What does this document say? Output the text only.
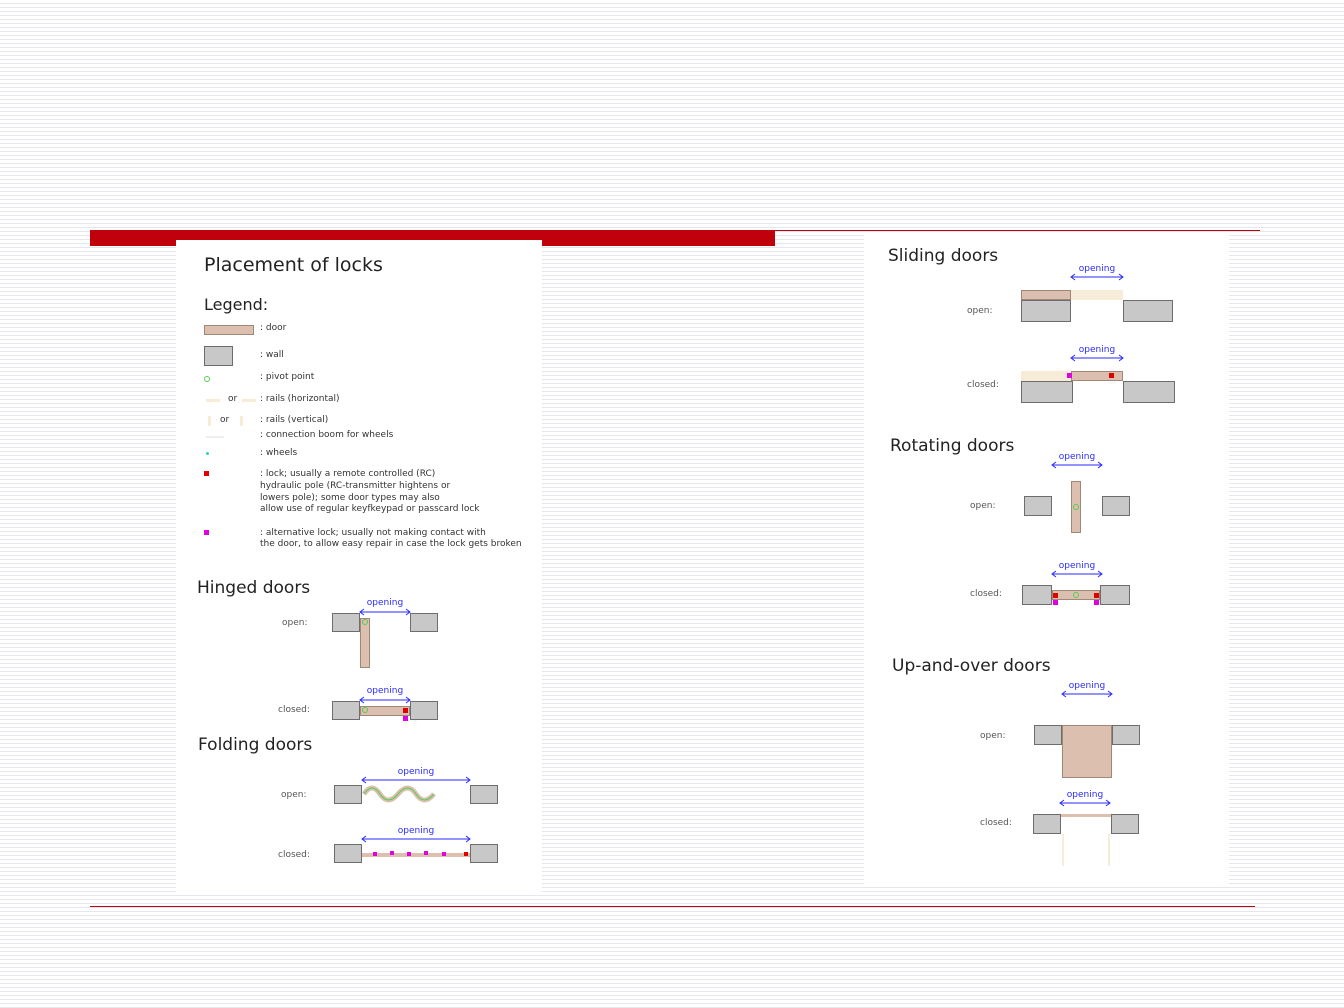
Placement of locks
Legend:
: door
: wall
: pivot point
or	: rails (horizontal)
or	: rails (vertical)
: connection boom for wheels
: wheels
: lock; usually a remote controlled (RC)
hydraulic pole (RC-transmitter hightens or
lowers pole); some door types may also
allow use of regular keyfkeypad or passcard lock
: alternative lock; usually not making contact with
the door, to allow easy repair in case the lock gets broken
Hinged doors
opening
open:
opening
closed:
Folding doors
opening
open:
opening
closed:
Sliding doors
opening
open:
opening
closed:
Rotating doors
opening
open:
opening
closed:
Up-and-over doors
opening
open:
opening
closed:
